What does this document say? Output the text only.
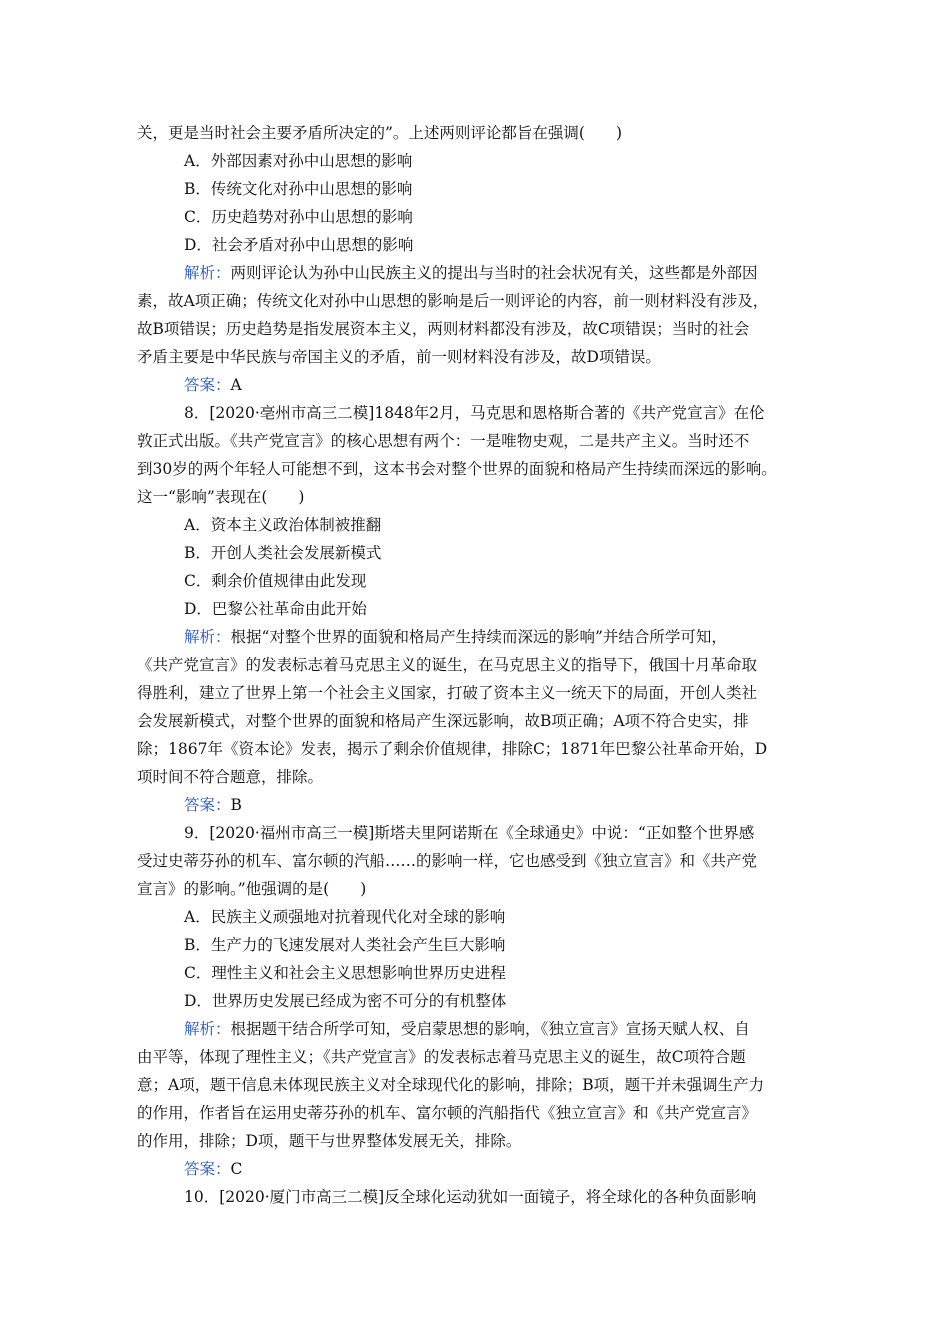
关，更是当时社会主要矛盾所决定的”。上述两则评论都旨在强调(　　)
A．外部因素对孙中山思想的影响
B．传统文化对孙中山思想的影响
C．历史趋势对孙中山思想的影响
D．社会矛盾对孙中山思想的影响
解析：两则评论认为孙中山民族主义的提出与当时的社会状况有关，这些都是外部因
素，故A项正确；传统文化对孙中山思想的影响是后一则评论的内容，前一则材料没有涉及，
故B项错误；历史趋势是指发展资本主义，两则材料都没有涉及，故C项错误；当时的社会
矛盾主要是中华民族与帝国主义的矛盾，前一则材料没有涉及，故D项错误。
答案：A
8．[2020·亳州市高三二模]1848年2月，马克思和恩格斯合著的《共产党宣言》在伦
敦正式出版。《共产党宣言》的核心思想有两个：一是唯物史观，二是共产主义。当时还不
到30岁的两个年轻人可能想不到，这本书会对整个世界的面貌和格局产生持续而深远的影响。
这一“影响”表现在(　　)
A．资本主义政治体制被推翻
B．开创人类社会发展新模式
C．剩余价值规律由此发现
D．巴黎公社革命由此开始
解析：根据“对整个世界的面貌和格局产生持续而深远的影响”并结合所学可知，
《共产党宣言》的发表标志着马克思主义的诞生，在马克思主义的指导下，俄国十月革命取
得胜利，建立了世界上第一个社会主义国家，打破了资本主义一统天下的局面，开创人类社
会发展新模式，对整个世界的面貌和格局产生深远影响，故B项正确；A项不符合史实，排
除；1867年《资本论》发表，揭示了剩余价值规律，排除C；1871年巴黎公社革命开始，D
项时间不符合题意，排除。
答案：B
9．[2020·福州市高三一模]斯塔夫里阿诺斯在《全球通史》中说：“正如整个世界感
受过史蒂芬孙的机车、富尔顿的汽船……的影响一样，它也感受到《独立宣言》和《共产党
宣言》的影响。”他强调的是(　　)
A．民族主义顽强地对抗着现代化对全球的影响
B．生产力的飞速发展对人类社会产生巨大影响
C．理性主义和社会主义思想影响世界历史进程
D．世界历史发展已经成为密不可分的有机整体
解析：根据题干结合所学可知，受启蒙思想的影响，《独立宣言》宣扬天赋人权、自
由平等，体现了理性主义；《共产党宣言》的发表标志着马克思主义的诞生，故C项符合题
意；A项，题干信息未体现民族主义对全球现代化的影响，排除；B项，题干并未强调生产力
的作用，作者旨在运用史蒂芬孙的机车、富尔顿的汽船指代《独立宣言》和《共产党宣言》
的作用，排除；D项，题干与世界整体发展无关，排除。
答案：C
10．[2020·厦门市高三二模]反全球化运动犹如一面镜子，将全球化的各种负面影响
